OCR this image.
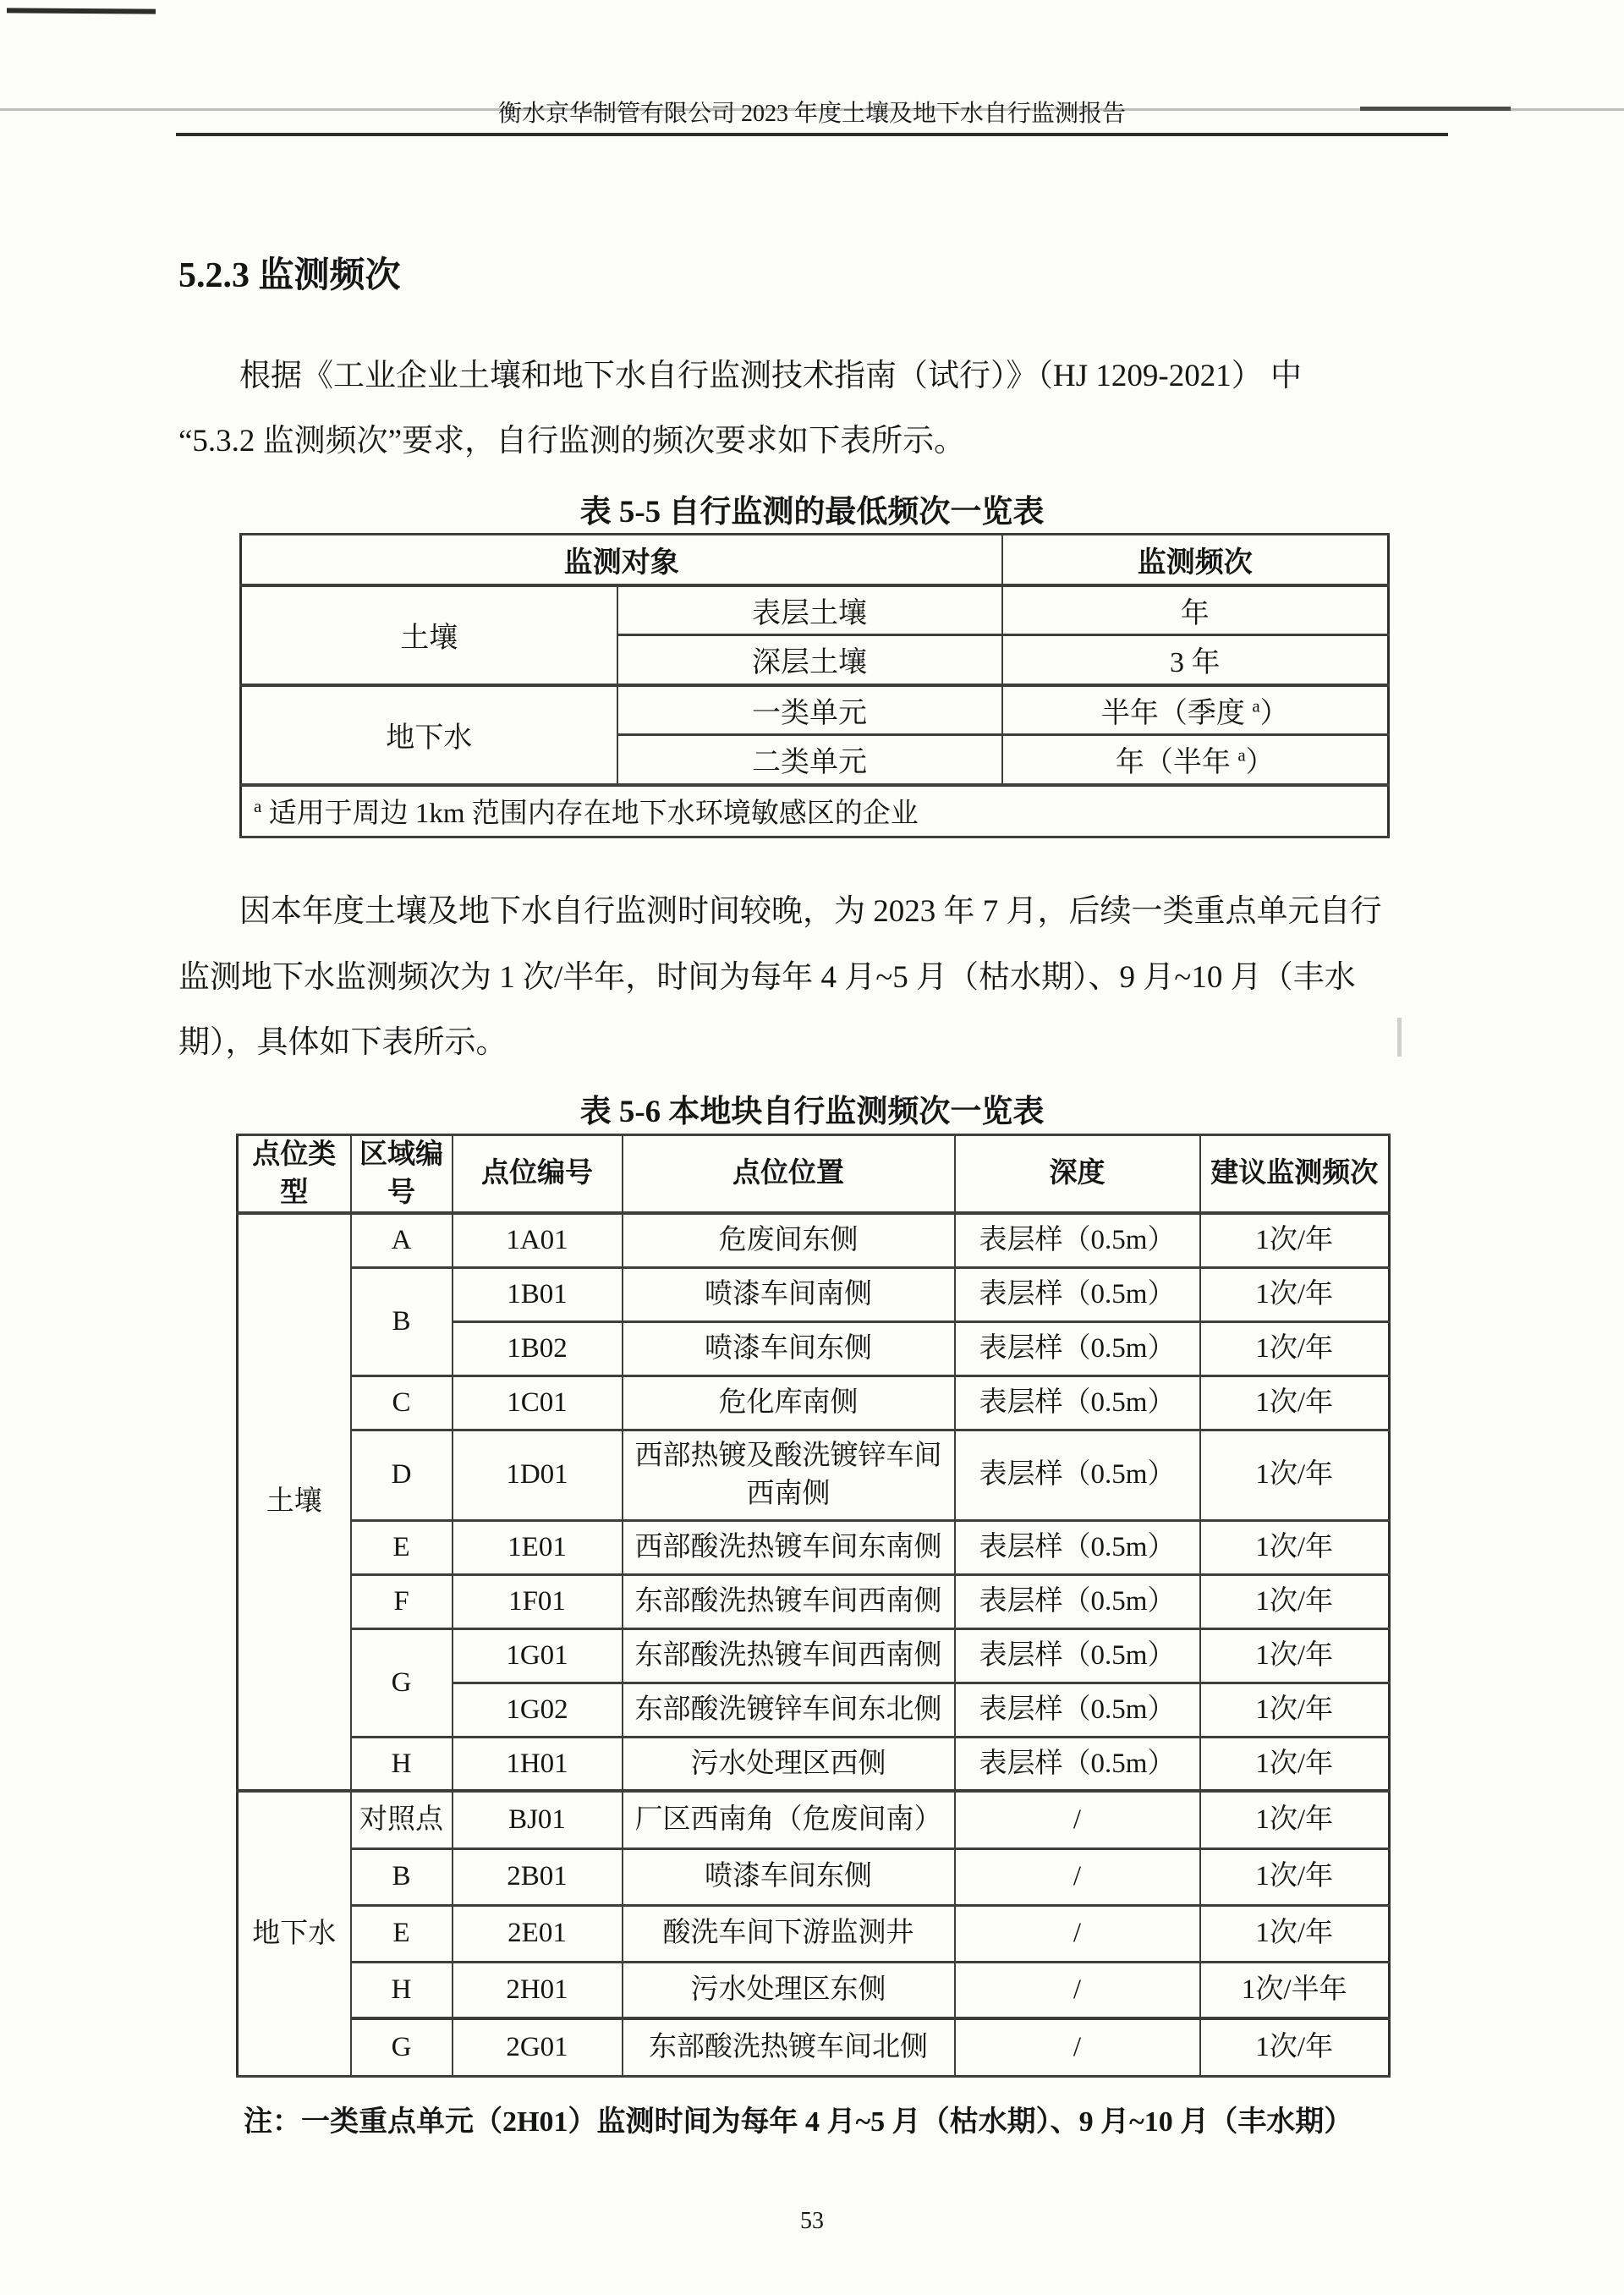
衡水京华制管有限公司 2023 年度土壤及地下水自行监测报告
5.2.3 监测频次
根据《工业企业土壤和地下水自行监测技术指南（试行）》（HJ 1209-2021） 中
“5.3.2 监测频次”要求，自行监测的频次要求如下表所示。
表 5-5 自行监测的最低频次一览表
监测对象		监测频次
土壤	表层土壤	年
	深层土壤	3 年
地下水	一类单元	半年（季度 $^a$）
	二类单元	年（半年 $^a$）
$^a$ 适用于周边 1km 范围内存在地下水环境敏感区的企业		
因本年度土壤及地下水自行监测时间较晚，为 2023 年 7 月，后续一类重点单元自行
监测地下水监测频次为 1 次/半年，时间为每年 4 月~5 月（枯水期）、9 月~10 月（丰水
期），具体如下表所示。
表 5-6 本地块自行监测频次一览表
点位类型	区域编号	点位编号	点位位置	深度	建议监测频次
土壤	A	1A01	危废间东侧	表层样（0.5m）	1次/年
	B	1B01	喷漆车间南侧	表层样（0.5m）	1次/年
		1B02	喷漆车间东侧	表层样（0.5m）	1次/年
	C	1C01	危化库南侧	表层样（0.5m）	1次/年
	D	1D01	西部热镀及酸洗镀锌车间西南侧	表层样（0.5m）	1次/年
	E	1E01	西部酸洗热镀车间东南侧	表层样（0.5m）	1次/年
	F	1F01	东部酸洗热镀车间西南侧	表层样（0.5m）	1次/年
	G	1G01	东部酸洗热镀车间西南侧	表层样（0.5m）	1次/年
		1G02	东部酸洗镀锌车间东北侧	表层样（0.5m）	1次/年
	H	1H01	污水处理区西侧	表层样（0.5m）	1次/年
地下水	对照点	BJ01	厂区西南角（危废间南）	/	1次/年
	B	2B01	喷漆车间东侧	/	1次/年
	E	2E01	酸洗车间下游监测井	/	1次/年
	H	2H01	污水处理区东侧	/	1次/半年
	G	2G01	东部酸洗热镀车间北侧	/	1次/年
注：一类重点单元（2H01）监测时间为每年 4 月~5 月（枯水期）、9 月~10 月（丰水期）
53
